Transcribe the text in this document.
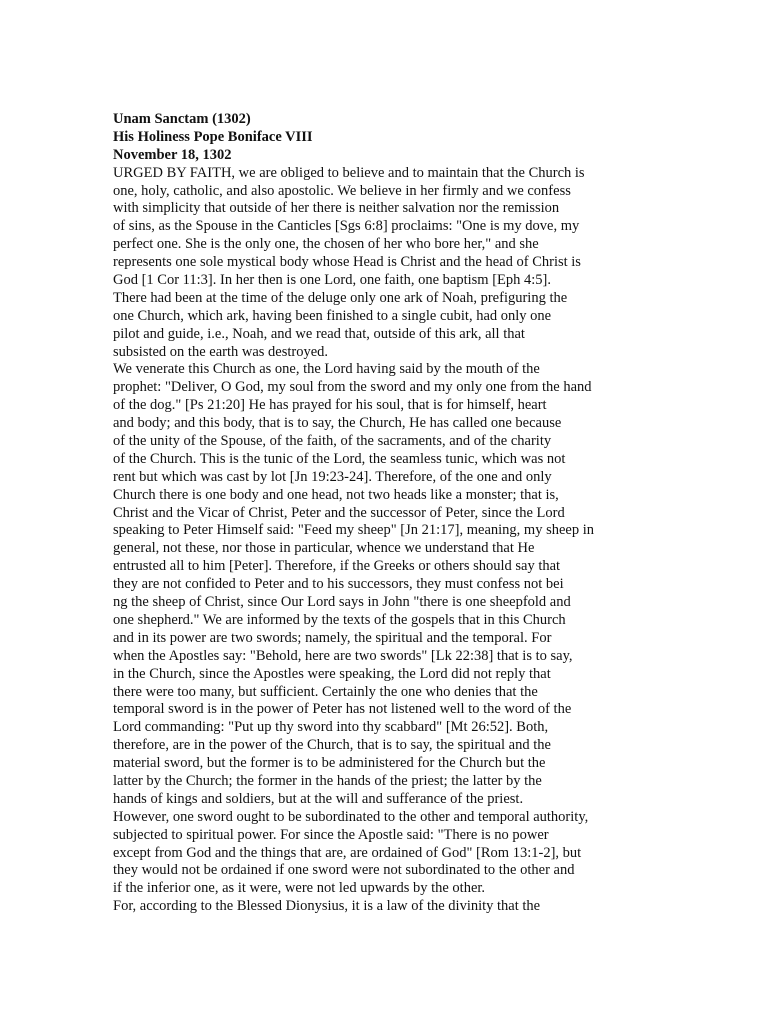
Unam Sanctam (1302)
His Holiness Pope Boniface VIII
November 18, 1302
URGED BY FAITH, we are obliged to believe and to maintain that the Church is
one, holy, catholic, and also apostolic. We believe in her firmly and we confess
with simplicity that outside of her there is neither salvation nor the remission
of sins, as the Spouse in the Canticles [Sgs 6:8] proclaims: "One is my dove, my
perfect one. She is the only one, the chosen of her who bore her," and she
represents one sole mystical body whose Head is Christ and the head of Christ is
God [1 Cor 11:3]. In her then is one Lord, one faith, one baptism [Eph 4:5].
There had been at the time of the deluge only one ark of Noah, prefiguring the
one Church, which ark, having been finished to a single cubit, had only one
pilot and guide, i.e., Noah, and we read that, outside of this ark, all that
subsisted on the earth was destroyed.
We venerate this Church as one, the Lord having said by the mouth of the
prophet: "Deliver, O God, my soul from the sword and my only one from the hand
of the dog." [Ps 21:20] He has prayed for his soul, that is for himself, heart
and body; and this body, that is to say, the Church, He has called one because
of the unity of the Spouse, of the faith, of the sacraments, and of the charity
of the Church. This is the tunic of the Lord, the seamless tunic, which was not
rent but which was cast by lot [Jn 19:23-24]. Therefore, of the one and only
Church there is one body and one head, not two heads like a monster; that is,
Christ and the Vicar of Christ, Peter and the successor of Peter, since the Lord
speaking to Peter Himself said: "Feed my sheep" [Jn 21:17], meaning, my sheep in
general, not these, nor those in particular, whence we understand that He
entrusted all to him [Peter]. Therefore, if the Greeks or others should say that
they are not confided to Peter and to his successors, they must confess not bei
ng the sheep of Christ, since Our Lord says in John "there is one sheepfold and
one shepherd." We are informed by the texts of the gospels that in this Church
and in its power are two swords; namely, the spiritual and the temporal. For
when the Apostles say: "Behold, here are two swords" [Lk 22:38] that is to say,
in the Church, since the Apostles were speaking, the Lord did not reply that
there were too many, but sufficient. Certainly the one who denies that the
temporal sword is in the power of Peter has not listened well to the word of the
Lord commanding: "Put up thy sword into thy scabbard" [Mt 26:52]. Both,
therefore, are in the power of the Church, that is to say, the spiritual and the
material sword, but the former is to be administered for the Church but the
latter by the Church; the former in the hands of the priest; the latter by the
hands of kings and soldiers, but at the will and sufferance of the priest.
However, one sword ought to be subordinated to the other and temporal authority,
subjected to spiritual power. For since the Apostle said: "There is no power
except from God and the things that are, are ordained of God" [Rom 13:1-2], but
they would not be ordained if one sword were not subordinated to the other and
if the inferior one, as it were, were not led upwards by the other.
For, according to the Blessed Dionysius, it is a law of the divinity that the
